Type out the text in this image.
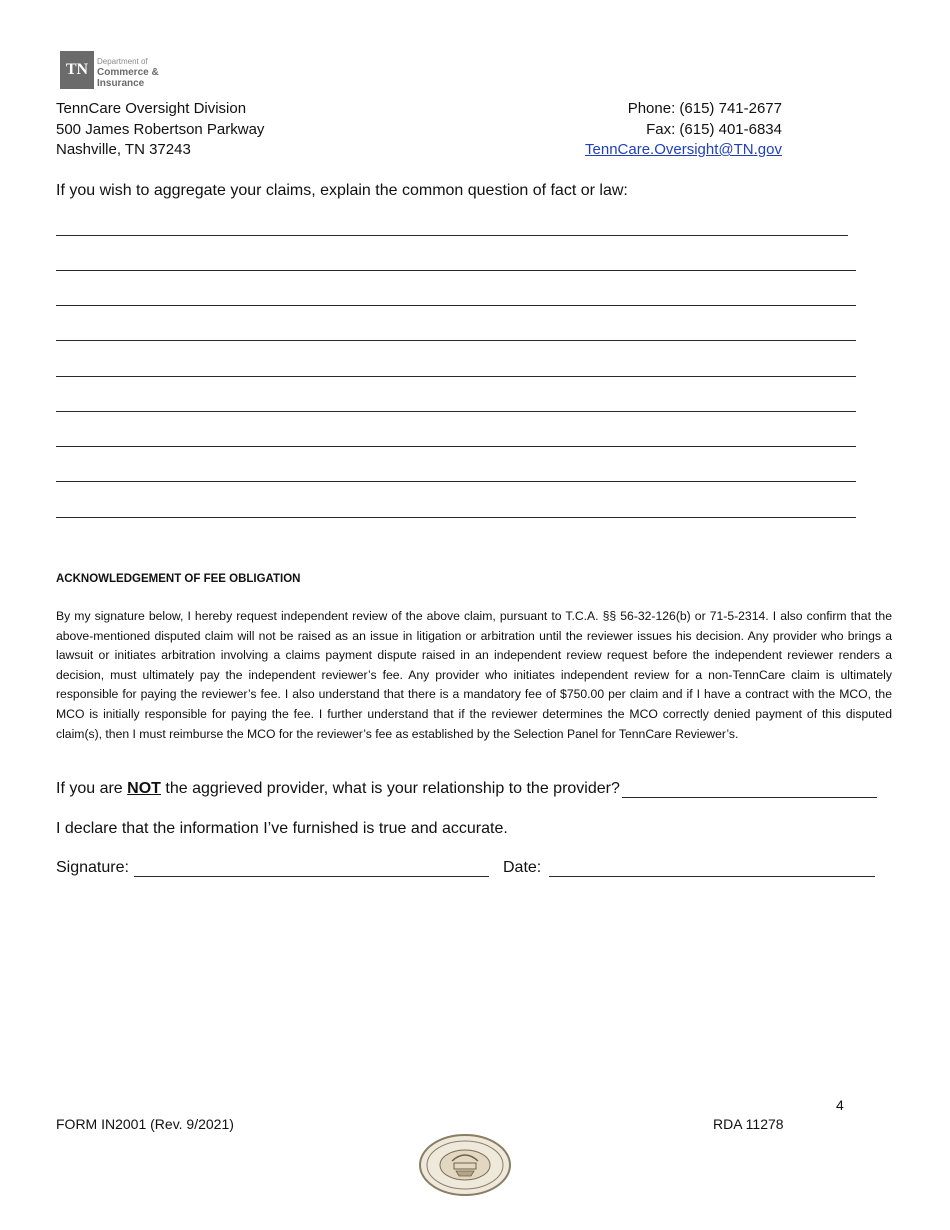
TN	Department of
Commerce &
Insurance
TennCare Oversight Division
500 James Robertson Parkway
Nashville, TN 37243
Phone: (615) 741-2677
Fax: (615) 401-6834
TennCare.Oversight@TN.gov
If you wish to aggregate your claims, explain the common question of fact or law:
ACKNOWLEDGEMENT OF FEE OBLIGATION
By my signature below, I hereby request independent review of the above claim, pursuant to T.C.A. §§ 56-32-126(b) or 71-5-2314. I also confirm that the above-mentioned disputed claim will not be raised as an issue in litigation or arbitration until the reviewer issues his decision. Any provider who brings a lawsuit or initiates arbitration involving a claims payment dispute raised in an independent review request before the independent reviewer renders a decision, must ultimately pay the independent reviewer’s fee. Any provider who initiates independent review for a non-TennCare claim is ultimately responsible for paying the reviewer’s fee. I also understand that there is a mandatory fee of $750.00 per claim and if I have a contract with the MCO, the MCO is initially responsible for paying the fee. I further understand that if the reviewer determines the MCO correctly denied payment of this disputed claim(s), then I must reimburse the MCO for the reviewer’s fee as established by the Selection Panel for TennCare Reviewer’s.
If you are NOT the aggrieved provider, what is your relationship to the provider?
I declare that the information I’ve furnished is true and accurate.
Signature:	Date:
4
FORM IN2001 (Rev. 9/2021)	RDA 11278
